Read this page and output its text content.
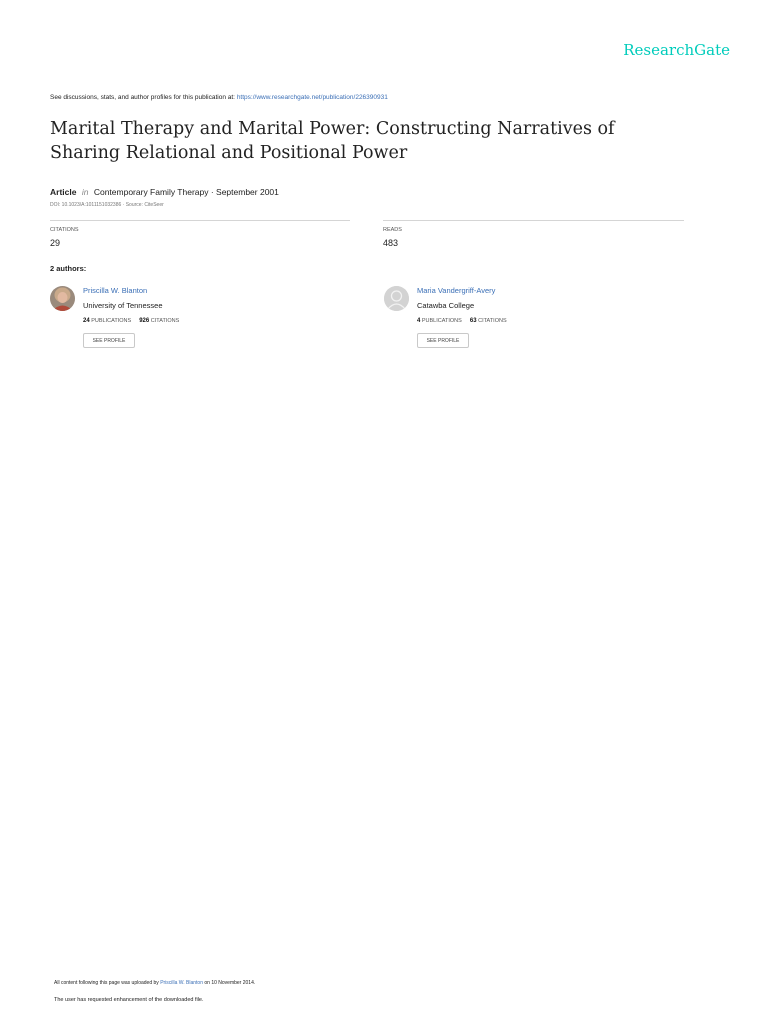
ResearchGate
See discussions, stats, and author profiles for this publication at: https://www.researchgate.net/publication/226390931
Marital Therapy and Marital Power: Constructing Narratives of Sharing Relational and Positional Power
Article in Contemporary Family Therapy · September 2001
DOI: 10.1023/A:1011151032386 · Source: CiteSeer
CITATIONS
29
READS
483
2 authors:
Priscilla W. Blanton
University of Tennessee
24 PUBLICATIONS 926 CITATIONS
SEE PROFILE
Maria Vandergriff-Avery
Catawba College
4 PUBLICATIONS 63 CITATIONS
SEE PROFILE
All content following this page was uploaded by Priscilla W. Blanton on 10 November 2014.
The user has requested enhancement of the downloaded file.
